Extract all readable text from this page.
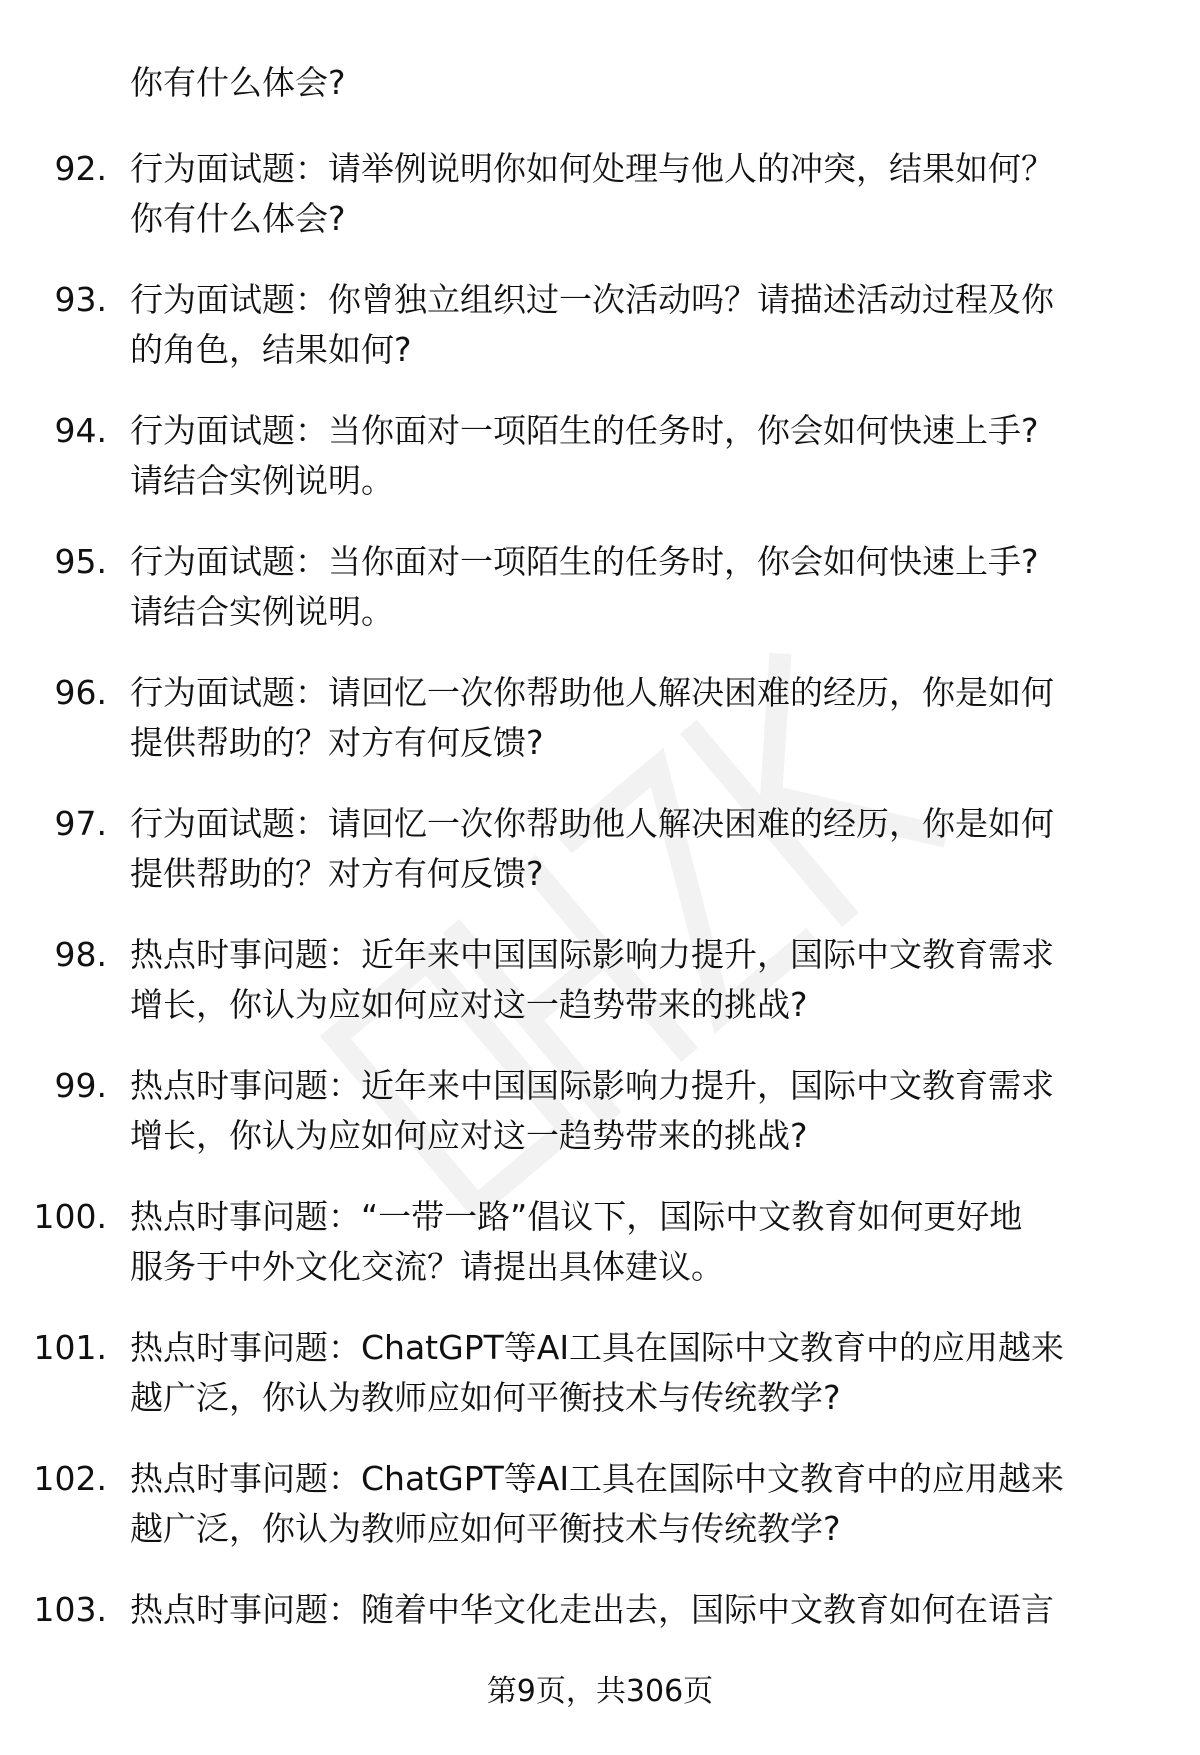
你有什么体会?
92. 行为面试题：请举例说明你如何处理与他人的冲突，结果如何？
你有什么体会?
93. 行为面试题：你曾独立组织过一次活动吗？请描述活动过程及你
的角色，结果如何?
94. 行为面试题：当你面对一项陌生的任务时，你会如何快速上手?
请结合实例说明。
95. 行为面试题：当你面对一项陌生的任务时，你会如何快速上手?
请结合实例说明。
96. 行为面试题：请回忆一次你帮助他人解决困难的经历，你是如何
提供帮助的？对方有何反馈?
97. 行为面试题：请回忆一次你帮助他人解决困难的经历，你是如何
提供帮助的？对方有何反馈?
98. 热点时事问题：近年来中国国际影响力提升，国际中文教育需求
增长，你认为应如何应对这一趋势带来的挑战?
99. 热点时事问题：近年来中国国际影响力提升，国际中文教育需求
增长，你认为应如何应对这一趋势带来的挑战?
100. 热点时事问题：“一带一路”倡议下，国际中文教育如何更好地
服务于中外文化交流？请提出具体建议。
101. 热点时事问题：ChatGPT等AI工具在国际中文教育中的应用越来
越广泛，你认为教师应如何平衡技术与传统教学?
102. 热点时事问题：ChatGPT等AI工具在国际中文教育中的应用越来
越广泛，你认为教师应如何平衡技术与传统教学?
103. 热点时事问题：随着中华文化走出去，国际中文教育如何在语言
第9页，共306页
